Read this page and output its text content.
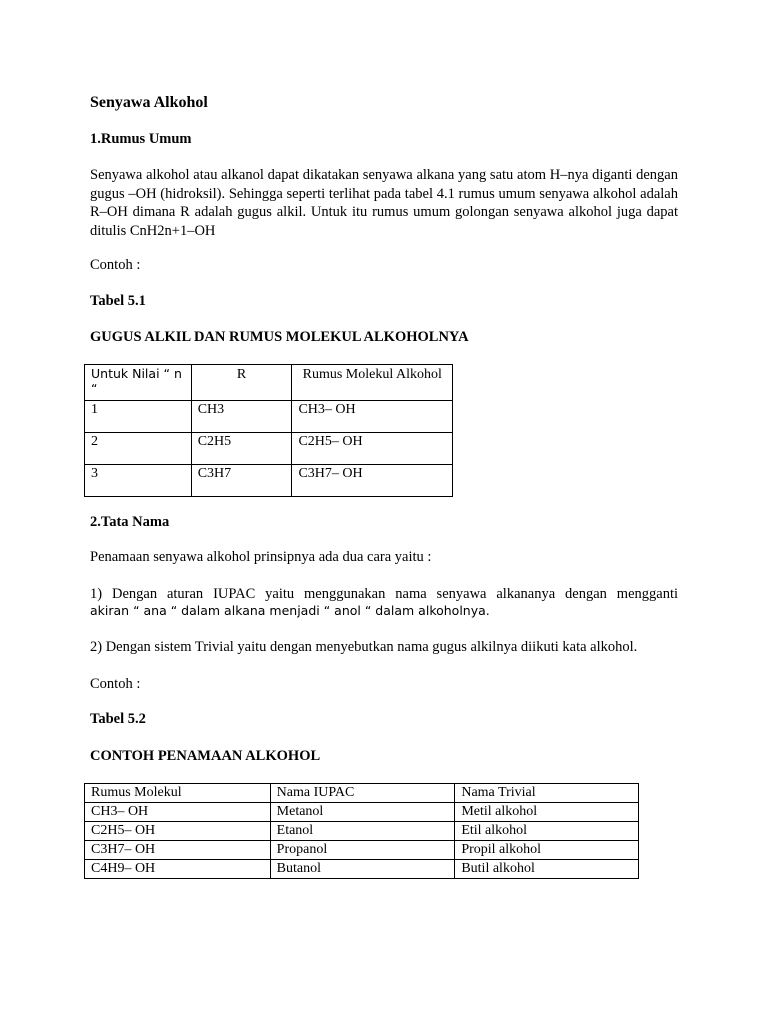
Senyawa Alkohol
1.Rumus Umum

Senyawa alkohol atau alkanol dapat dikatakan senyawa alkana yang satu atom H–nya diganti dengan gugus –OH (hidroksil). Sehingga seperti terlihat pada tabel 4.1 rumus umum senyawa alkohol adalah R–OH dimana R adalah gugus alkil. Untuk itu rumus umum golongan senyawa alkohol juga dapat ditulis CnH2n+1–OH

Contoh :
Tabel 5.1
GUGUS ALKIL DAN RUMUS MOLEKUL ALKOHOLNYA
Untuk Nilai “ n “	R	Rumus Molekul Alkohol
1	CH3	CH3– OH
2	C2H5	C2H5– OH
3	C3H7	C3H7– OH
2.Tata Nama
Penamaan senyawa alkohol prinsipnya ada dua cara yaitu :
1) Dengan aturan IUPAC yaitu menggunakan nama senyawa alkananya dengan mengganti
akiran “ ana “ dalam alkana menjadi “ anol “ dalam alkoholnya.
2) Dengan sistem Trivial yaitu dengan menyebutkan nama gugus alkilnya diikuti kata alkohol.
Contoh :
Tabel 5.2
CONTOH PENAMAAN ALKOHOL
Rumus Molekul	Nama IUPAC	Nama Trivial
CH3– OH	Metanol	Metil alkohol
C2H5– OH	Etanol	Etil alkohol
C3H7– OH	Propanol	Propil alkohol
C4H9– OH	Butanol	Butil alkohol
